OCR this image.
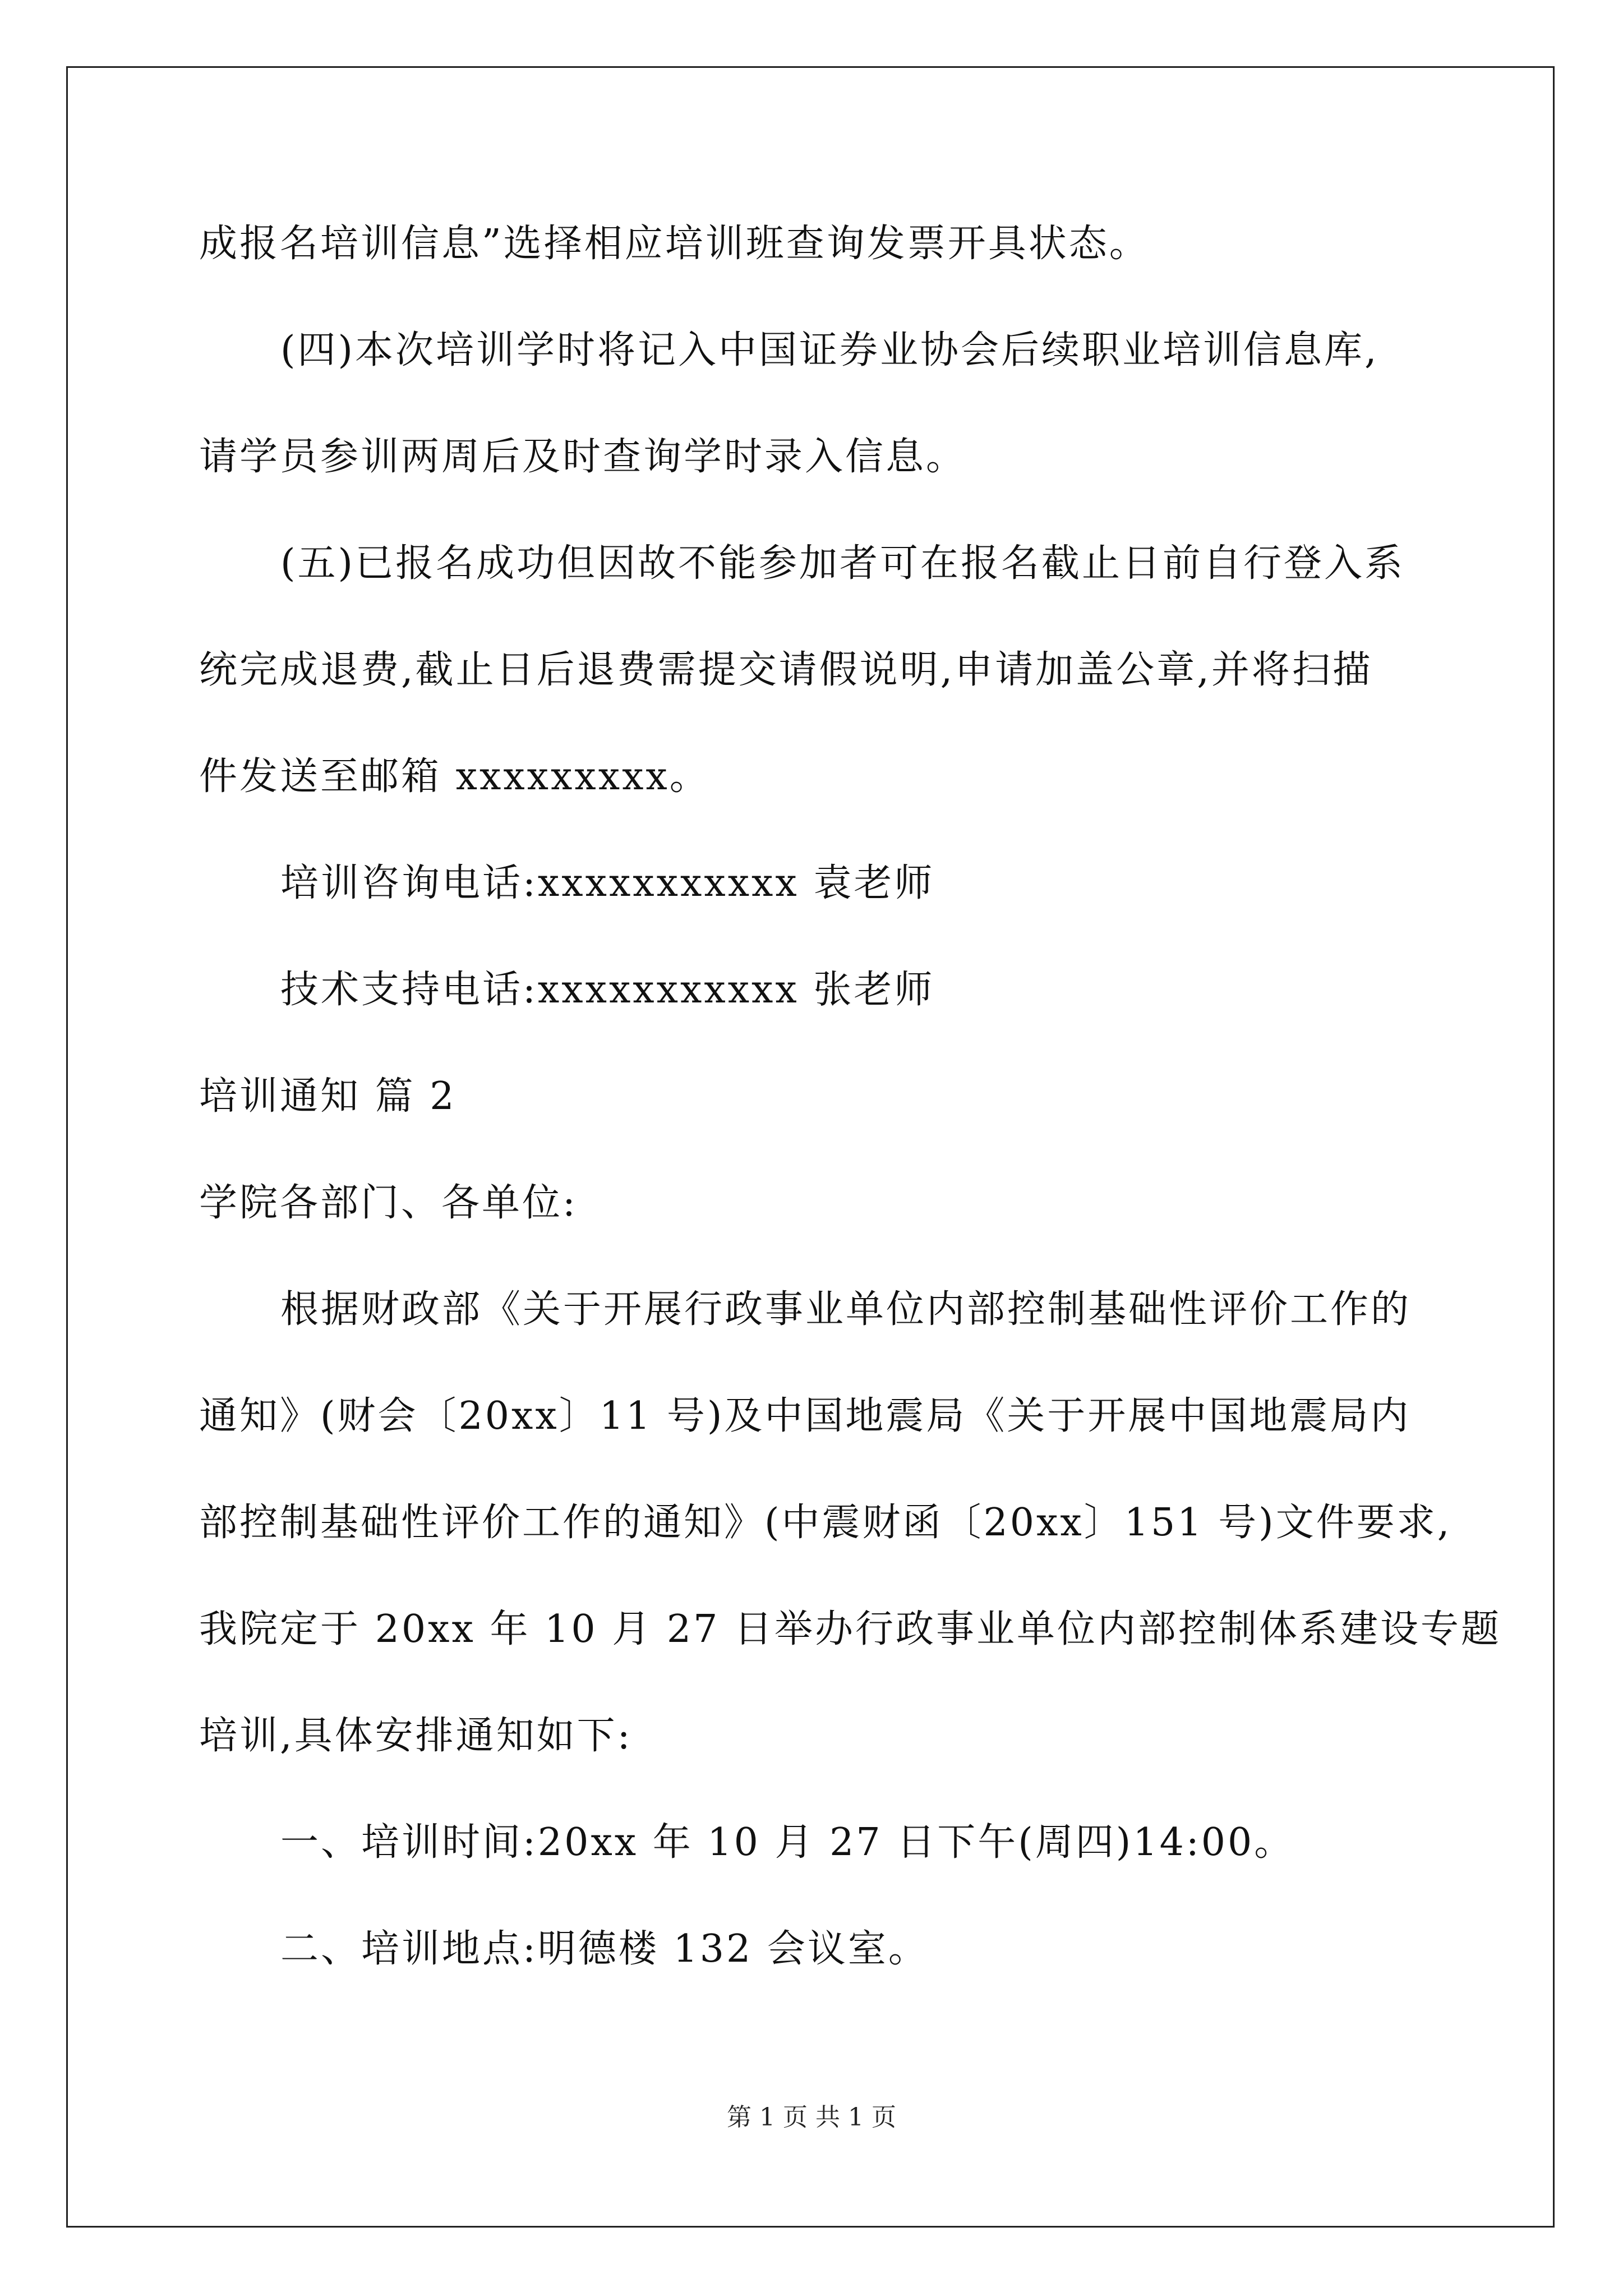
成报名培训信息”选择相应培训班查询发票开具状态。
(四)本次培训学时将记入中国证券业协会后续职业培训信息库,
请学员参训两周后及时查询学时录入信息。
(五)已报名成功但因故不能参加者可在报名截止日前自行登入系
统完成退费,截止日后退费需提交请假说明,申请加盖公章,并将扫描
件发送至邮箱 xxxxxxxxx。
培训咨询电话:xxxxxxxxxxx 袁老师
技术支持电话:xxxxxxxxxxx 张老师
培训通知 篇 2
学院各部门、各单位:
根据财政部《关于开展行政事业单位内部控制基础性评价工作的
通知》(财会〔20xx〕11 号)及中国地震局《关于开展中国地震局内
部控制基础性评价工作的通知》(中震财函〔20xx〕151 号)文件要求,
我院定于 20xx 年 10 月 27 日举办行政事业单位内部控制体系建设专题
培训,具体安排通知如下:
一、培训时间:20xx 年 10 月 27 日下午(周四)14:00。
二、培训地点:明德楼 132 会议室。
第 1 页 共 1 页
